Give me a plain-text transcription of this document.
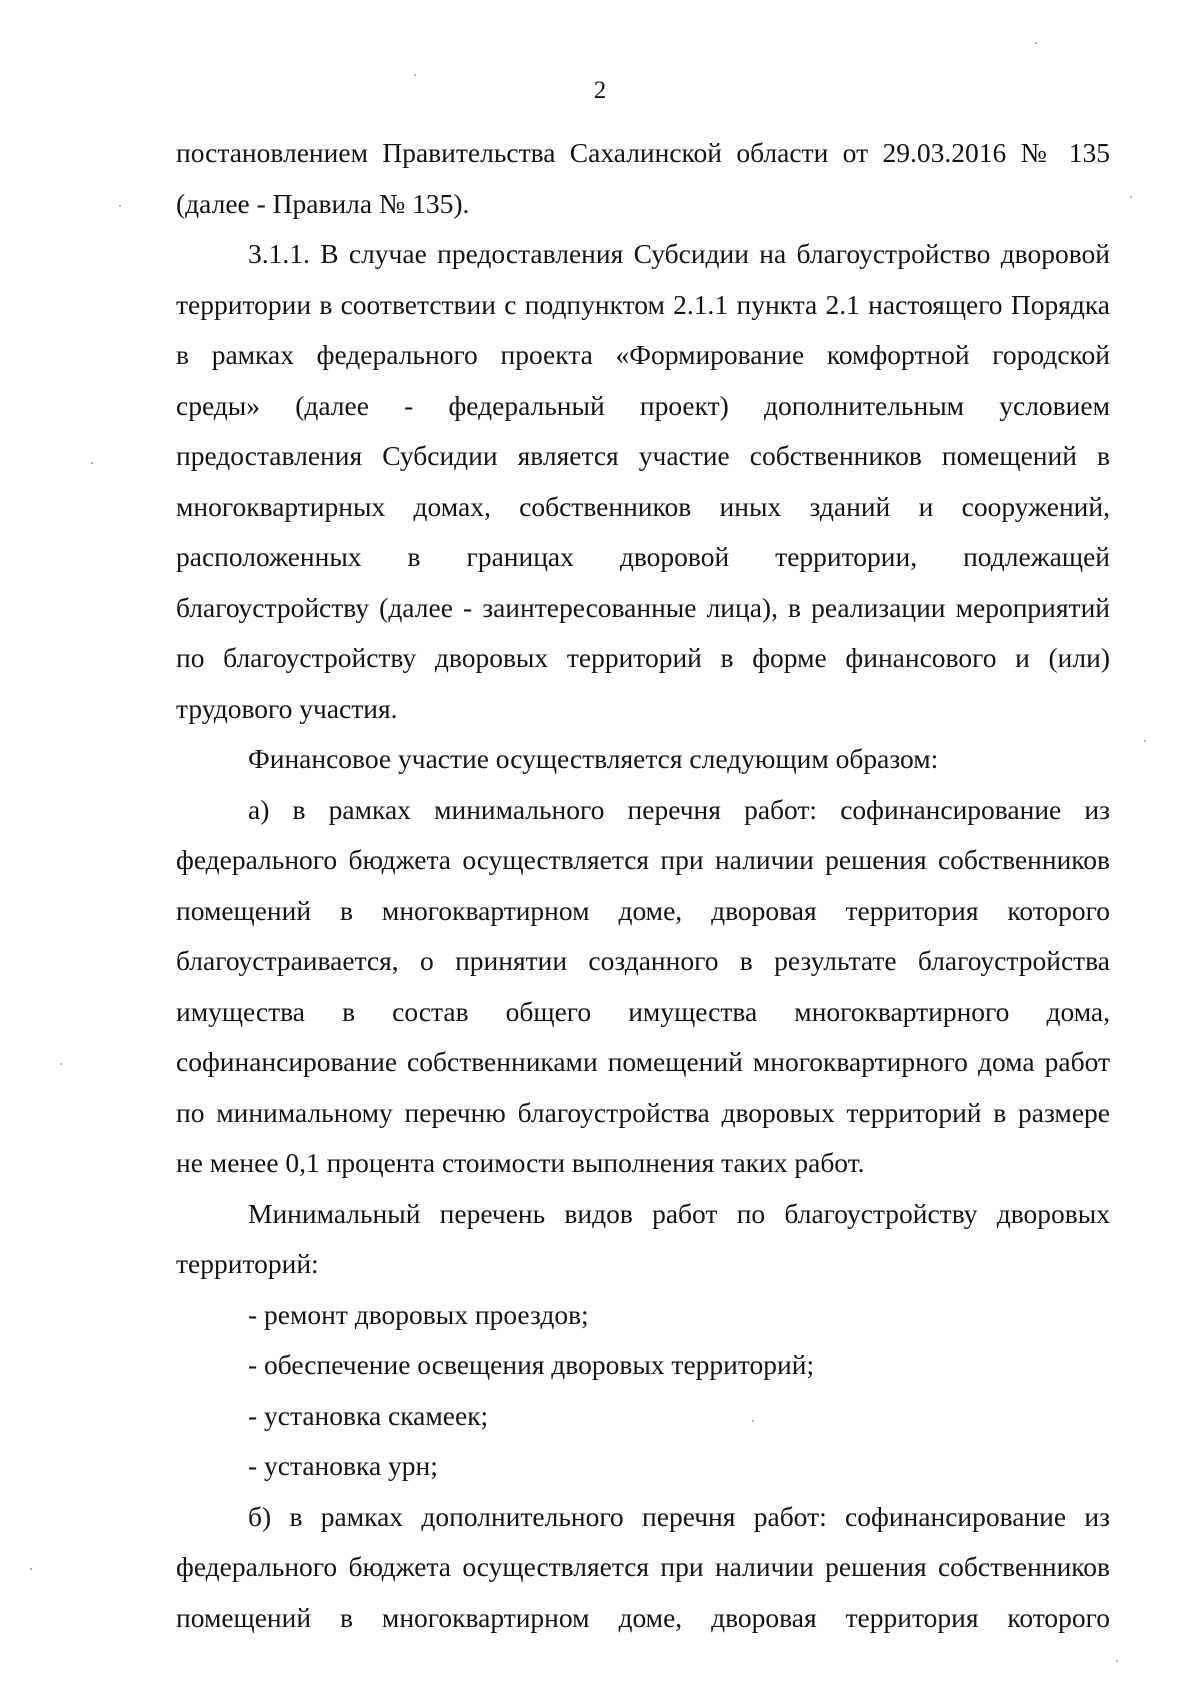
2

постановлением Правительства Сахалинской области от 29.03.2016 № 135

(далее - Правила № 135).

3.1.1. В случае предоставления Субсидии на благоустройство дворовой

территории в соответствии с подпунктом 2.1.1 пункта 2.1 настоящего Порядка

в рамках федерального проекта «Формирование комфортной городской

среды» (далее - федеральный проект) дополнительным условием

предоставления Субсидии является участие собственников помещений в

многоквартирных домах, собственников иных зданий и сооружений,

расположенных в границах дворовой территории, подлежащей

благоустройству (далее - заинтересованные лица), в реализации мероприятий

по благоустройству дворовых территорий в форме финансового и (или)

трудового участия.

Финансовое участие осуществляется следующим образом:

а) в рамках минимального перечня работ: софинансирование из

федерального бюджета осуществляется при наличии решения собственников

помещений в многоквартирном доме, дворовая территория которого

благоустраивается, о принятии созданного в результате благоустройства

имущества в состав общего имущества многоквартирного дома,

софинансирование собственниками помещений многоквартирного дома работ

по минимальному перечню благоустройства дворовых территорий в размере

не менее 0,1 процента стоимости выполнения таких работ.

Минимальный перечень видов работ по благоустройству дворовых

территорий:

- ремонт дворовых проездов;

- обеспечение освещения дворовых территорий;

- установка скамеек;

- установка урн;

б) в рамках дополнительного перечня работ: софинансирование из

федерального бюджета осуществляется при наличии решения собственников

помещений в многоквартирном доме, дворовая территория которого
